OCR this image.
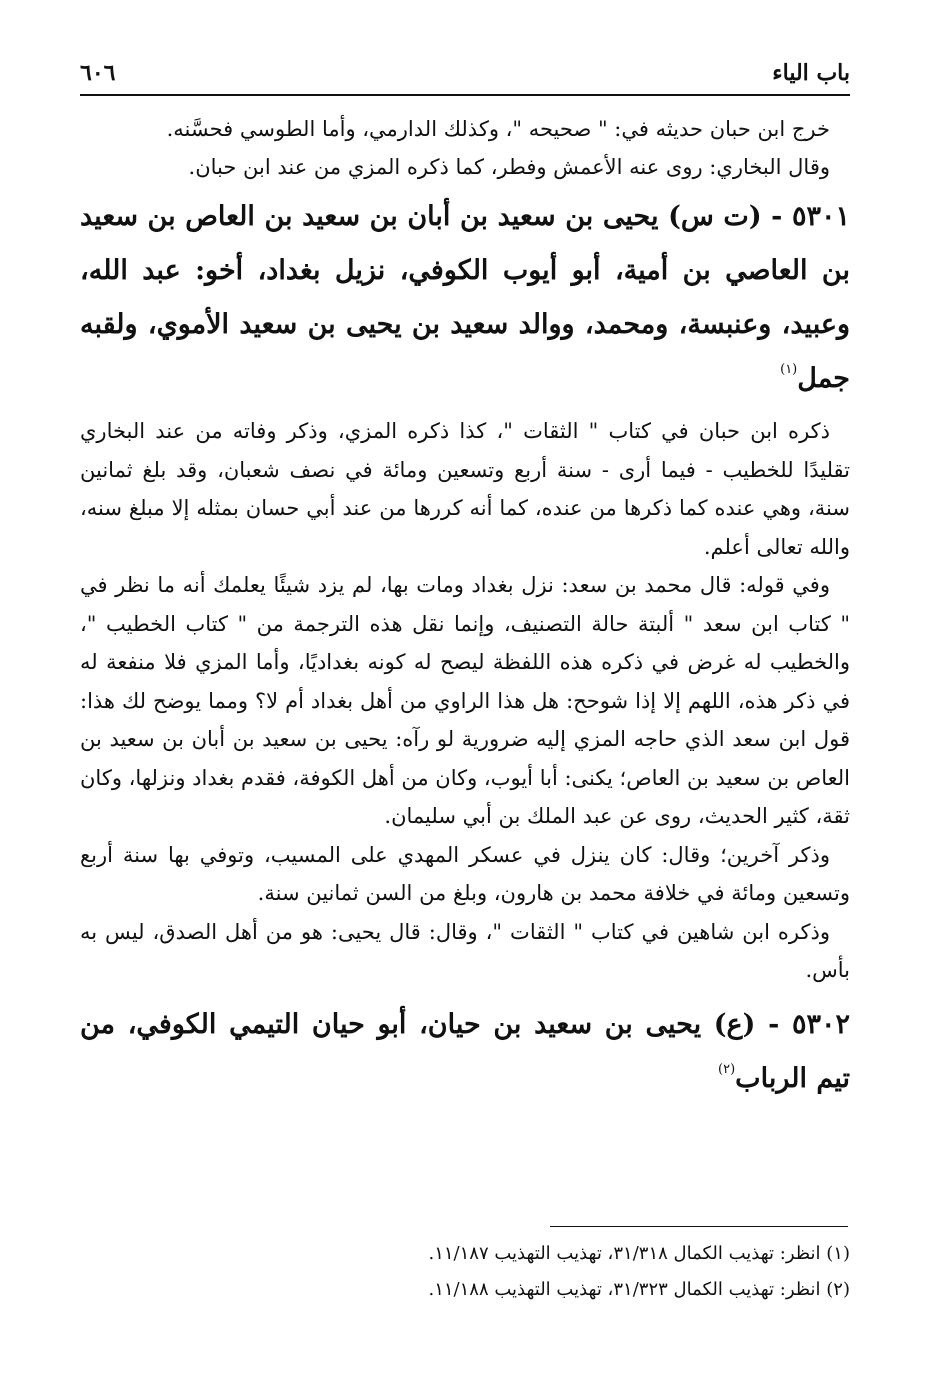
باب الياء
٦٠٦

خرج ابن حبان حديثه في: " صحيحه "، وكذلك الدارمي، وأما الطوسي فحسَّنه.

وقال البخاري: روى عنه الأعمش وفطر، كما ذكره المزي من عند ابن حبان.

٥٣٠١ - (ت س) يحيى بن سعيد بن أبان بن سعيد بن العاص بن سعيد بن العاصي بن أمية، أبو أيوب الكوفي، نزيل بغداد، أخو: عبد الله، وعبيد، وعنبسة، ومحمد، ووالد سعيد بن يحيى بن سعيد الأموي، ولقبه جمل$^{(١)}$

ذكره ابن حبان في كتاب " الثقات "، كذا ذكره المزي، وذكر وفاته من عند البخاري تقليدًا للخطيب - فيما أرى - سنة أربع وتسعين ومائة في نصف شعبان، وقد بلغ ثمانين سنة، وهي عنده كما ذكرها من عنده، كما أنه كررها من عند أبي حسان بمثله إلا مبلغ سنه، والله تعالى أعلم.

وفي قوله: قال محمد بن سعد: نزل بغداد ومات بها، لم يزد شيئًا يعلمك أنه ما نظر في " كتاب ابن سعد " ألبتة حالة التصنيف، وإنما نقل هذه الترجمة من " كتاب الخطيب "، والخطيب له غرض في ذكره هذه اللفظة ليصح له كونه بغداديًا، وأما المزي فلا منفعة له في ذكر هذه، اللهم إلا إذا شوحح: هل هذا الراوي من أهل بغداد أم لا؟ ومما يوضح لك هذا: قول ابن سعد الذي حاجه المزي إليه ضرورية لو رآه: يحيى بن سعيد بن أبان بن سعيد بن العاص بن سعيد بن العاص؛ يكنى: أبا أيوب، وكان من أهل الكوفة، فقدم بغداد ونزلها، وكان ثقة، كثير الحديث، روى عن عبد الملك بن أبي سليمان.

وذكر آخرين؛ وقال: كان ينزل في عسكر المهدي على المسيب، وتوفي بها سنة أربع وتسعين ومائة في خلافة محمد بن هارون، وبلغ من السن ثمانين سنة.

وذكره ابن شاهين في كتاب " الثقات "، وقال: قال يحيى: هو من أهل الصدق، ليس به بأس.

٥٣٠٢ - (ع) يحيى بن سعيد بن حيان، أبو حيان التيمي الكوفي، من تيم الرباب$^{(٢)}$

(١) انظر: تهذيب الكمال ٣١/٣١٨، تهذيب التهذيب ١١/١٨٧.

(٢) انظر: تهذيب الكمال ٣١/٣٢٣، تهذيب التهذيب ١١/١٨٨.
